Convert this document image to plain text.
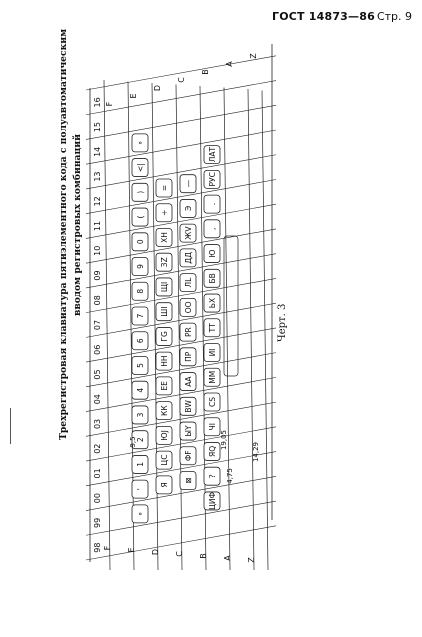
ГОСТ 14873—86 Стр. 9
Трехрегистровая клавиатура пятиэлементного кода с полуавтоматическим вводом регистровых комбинаций
Черт. 3
98
99
00
01
02
03
04
05
06
07
08
09
10
11
12
13
14
15
16
F E D C B A Z
F
E
D
C
B
A
Z
⚬
'
1
2
3
4
5
6
7
8
9
0
(
)
<|
⚬
Я
ЦС
ЮJ
КК
ЕЕ
НН
ГG
ШI
ЩI
ЗZ
ХН
÷
=
⊠
ФF
ЫY
ВW
АА
ПР
РR
ОО
ЛL
ДД
ЖV
Э
—
ЦИФ
?
ЯQ
ЧI
СS
ММ
ИI
ТТ
ЬХ
БВ
Ю
,
.
РУС
ЛАТ
9,5	14,29
19,05
4,75
